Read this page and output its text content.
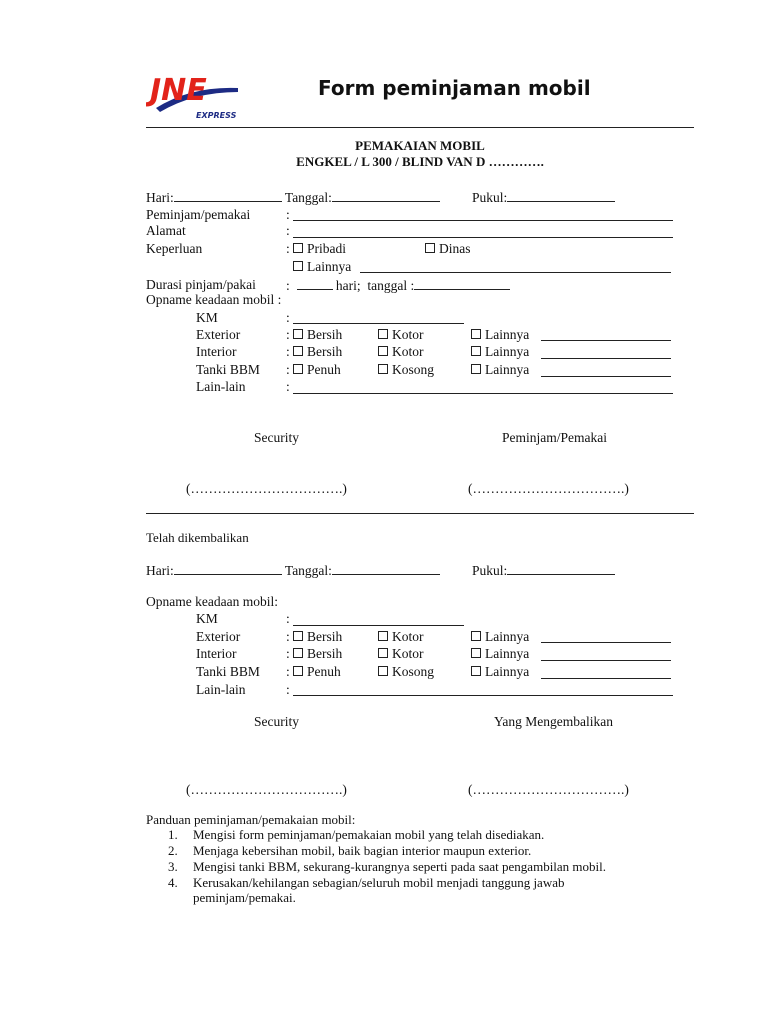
JNE
EXPRESS
Form peminjaman mobil
PEMAKAIAN MOBIL
ENGKEL / L 300 / BLIND VAN D ………….
Hari:	Tanggal:	Pukul:
Peminjam/pemakai	:
Alamat	:
Keperluan	:	Pribadi	Dinas
Lainnya
Durasi pinjam/pakai :	hari; tanggal :
Opname keadaan mobil :
KM	:
Exterior	:	Bersih	Kotor	Lainnya
Interior	:	Bersih	Kotor	Lainnya
Tanki BBM :	Penuh	Kosong	Lainnya
Lain-lain	:
Security	Peminjam/Pemakai
(…………………………….)	(…………………………….)
Telah dikembalikan
Hari:	Tanggal:	Pukul:
Opname keadaan mobil:
KM	:
Exterior	:	Bersih	Kotor	Lainnya
Interior	:	Bersih	Kotor	Lainnya
Tanki BBM :	Penuh	Kosong	Lainnya
Lain-lain	:
Security	Yang Mengembalikan
(…………………………….)	(…………………………….)
Panduan peminjaman/pemakaian mobil:
1. Mengisi form peminjaman/pemakaian mobil yang telah disediakan.
2. Menjaga kebersihan mobil, baik bagian interior maupun exterior.
3. Mengisi tanki BBM, sekurang-kurangnya seperti pada saat pengambilan mobil.
4. Kerusakan/kehilangan sebagian/seluruh mobil menjadi tanggung jawab
peminjam/pemakai.
